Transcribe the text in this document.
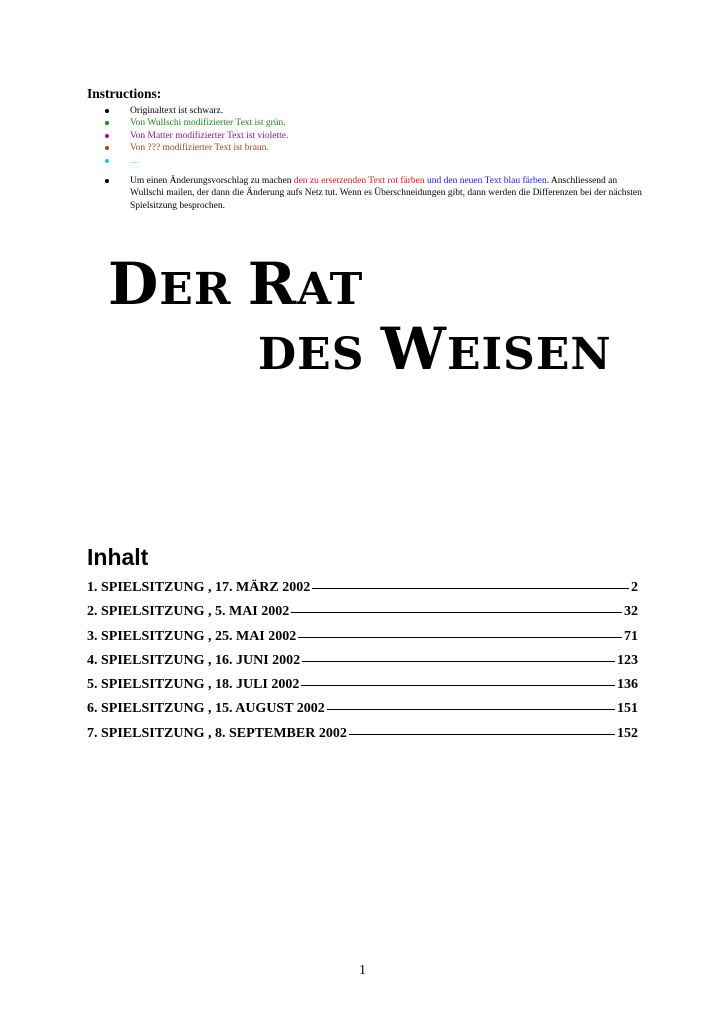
Instructions:
Originaltext ist schwarz.
Von Wullschi modifizierter Text ist grün.
Von Matter modifizierter Text ist violette.
Von ??? modifizierter Text ist braun.
…
Um einen Änderungsvorschlag zu machen den zu ersetzenden Text rot färben und den neuen Text blau färben. Anschliessend an Wullschi mailen, der dann die Änderung aufs Netz tut. Wenn es Überschneidungen gibt, dann werden die Differenzen bei der nächsten Spielsitzung besprochen.
DER RAT
DES WEISEN
Inhalt
1. SPIELSITZUNG , 17. MÄRZ 2002	2
2. SPIELSITZUNG , 5. MAI 2002	32
3. SPIELSITZUNG , 25. MAI 2002	71
4. SPIELSITZUNG , 16. JUNI 2002	123
5. SPIELSITZUNG , 18. JULI 2002	136
6. SPIELSITZUNG , 15. AUGUST 2002	151
7. SPIELSITZUNG , 8. SEPTEMBER 2002	152
1
